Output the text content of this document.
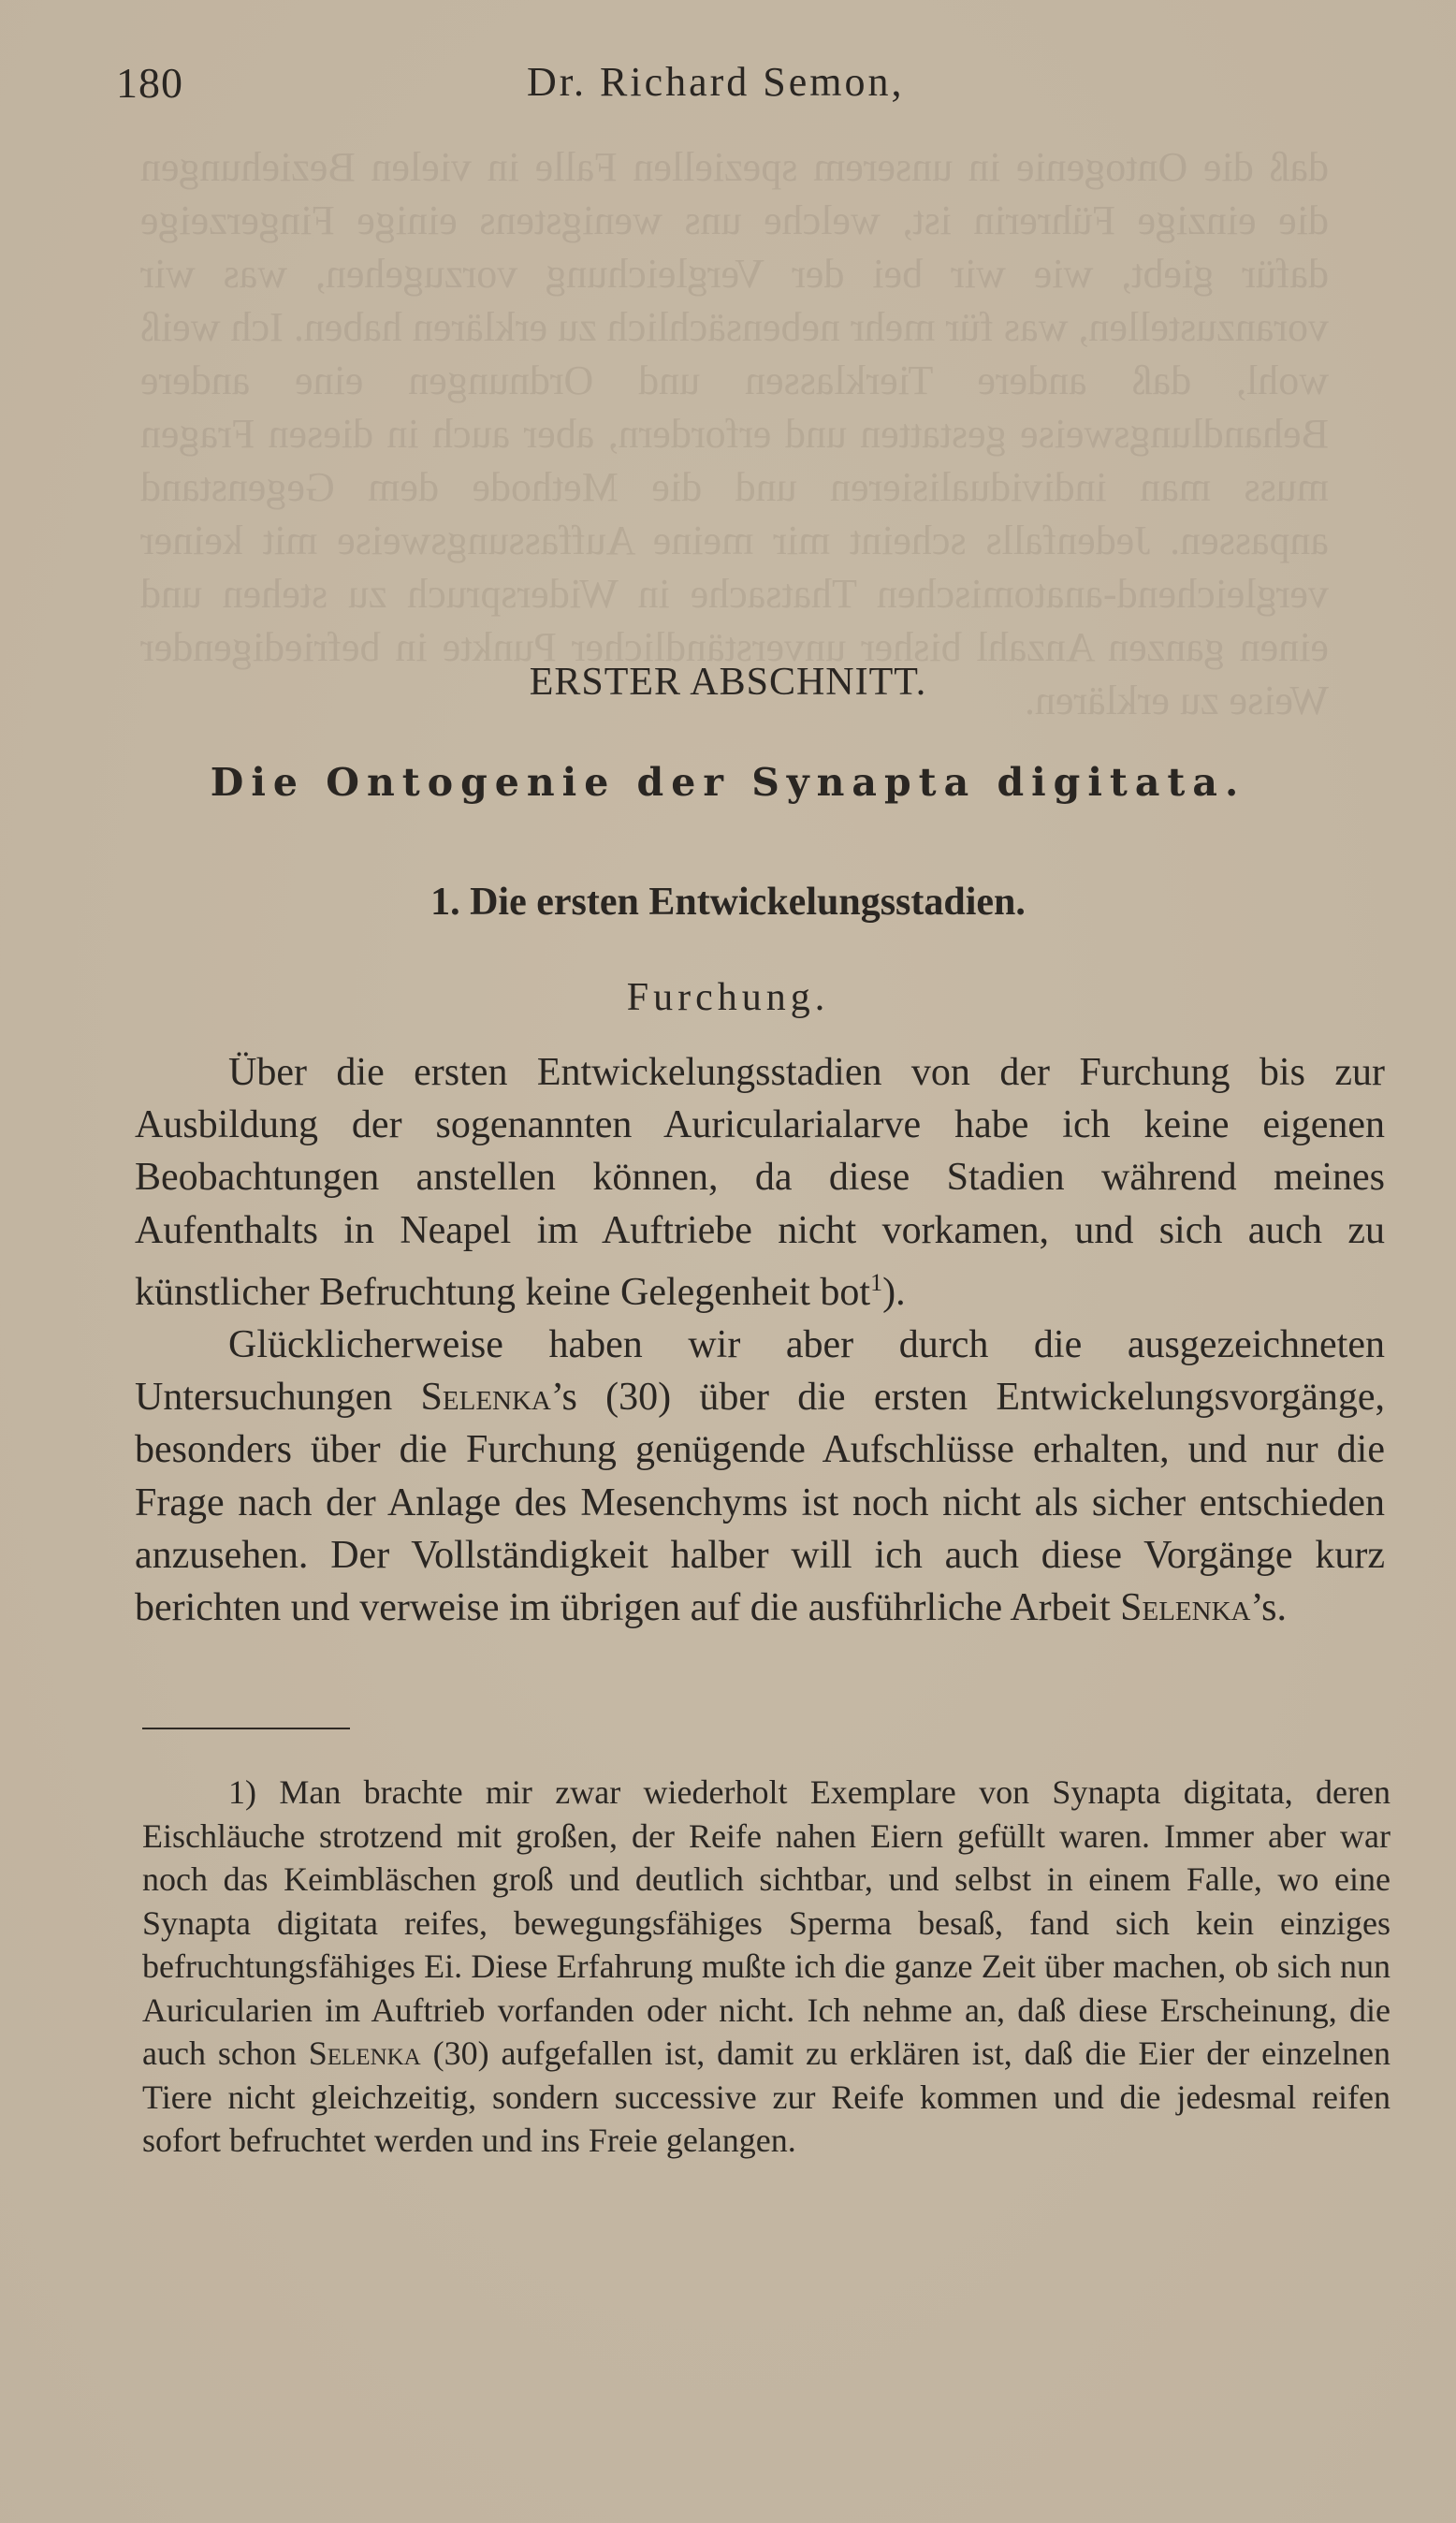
daß die Ontogenie in unserem speziellen Falle in vielen Beziehungen die einzige Führerin ist, welche uns wenigstens einige Fingerzeige dafür giebt, wie wir bei der Vergleichung vorzugehen, was wir voranzustellen, was für mehr nebensächlich zu erklären haben. Ich weiß wohl, daß andere Tierklassen und Ordnungen eine andere Behandlungsweise gestatten und erfordern, aber auch in diesen Fragen muss man individualisieren und die Methode dem Gegenstand anpassen. Jedenfalls scheint mir meine Auffassungsweise mit keiner vergleichend-anatomischen Thatsache in Widerspruch zu stehen und einen ganzen Anzahl bisher unverständlicher Punkte in befriedigender Weise zu erklären.
180	Dr. Richard Semon,
ERSTER ABSCHNITT.
Die Ontogenie der Synapta digitata.
1. Die ersten Entwickelungsstadien.
Furchung.

Über die ersten Entwickelungsstadien von der Furchung bis zur Ausbildung der sogenannten Auricularialarve habe ich keine eigenen Beobachtungen anstellen können, da diese Stadien während meines Aufenthalts in Neapel im Auftriebe nicht vorkamen, und sich auch zu künstlicher Befruchtung keine Gelegenheit bot$^1$).

Glücklicherweise haben wir aber durch die ausgezeichneten Untersuchungen Selenka’s (30) über die ersten Entwickelungsvorgänge, besonders über die Furchung genügende Aufschlüsse erhalten, und nur die Frage nach der Anlage des Mesenchyms ist noch nicht als sicher entschieden anzusehen. Der Vollständigkeit halber will ich auch diese Vorgänge kurz berichten und verweise im übrigen auf die ausführliche Arbeit Selenka’s.

1) Man brachte mir zwar wiederholt Exemplare von Synapta digitata, deren Eischläuche strotzend mit großen, der Reife nahen Eiern gefüllt waren. Immer aber war noch das Keimbläschen groß und deutlich sichtbar, und selbst in einem Falle, wo eine Synapta digitata reifes, bewegungsfähiges Sperma besaß, fand sich kein einziges befruchtungsfähiges Ei. Diese Erfahrung mußte ich die ganze Zeit über machen, ob sich nun Auricularien im Auftrieb vorfanden oder nicht. Ich nehme an, daß diese Erscheinung, die auch schon Selenka (30) aufgefallen ist, damit zu erklären ist, daß die Eier der einzelnen Tiere nicht gleichzeitig, sondern successive zur Reife kommen und die jedesmal reifen sofort befruchtet werden und ins Freie gelangen.
